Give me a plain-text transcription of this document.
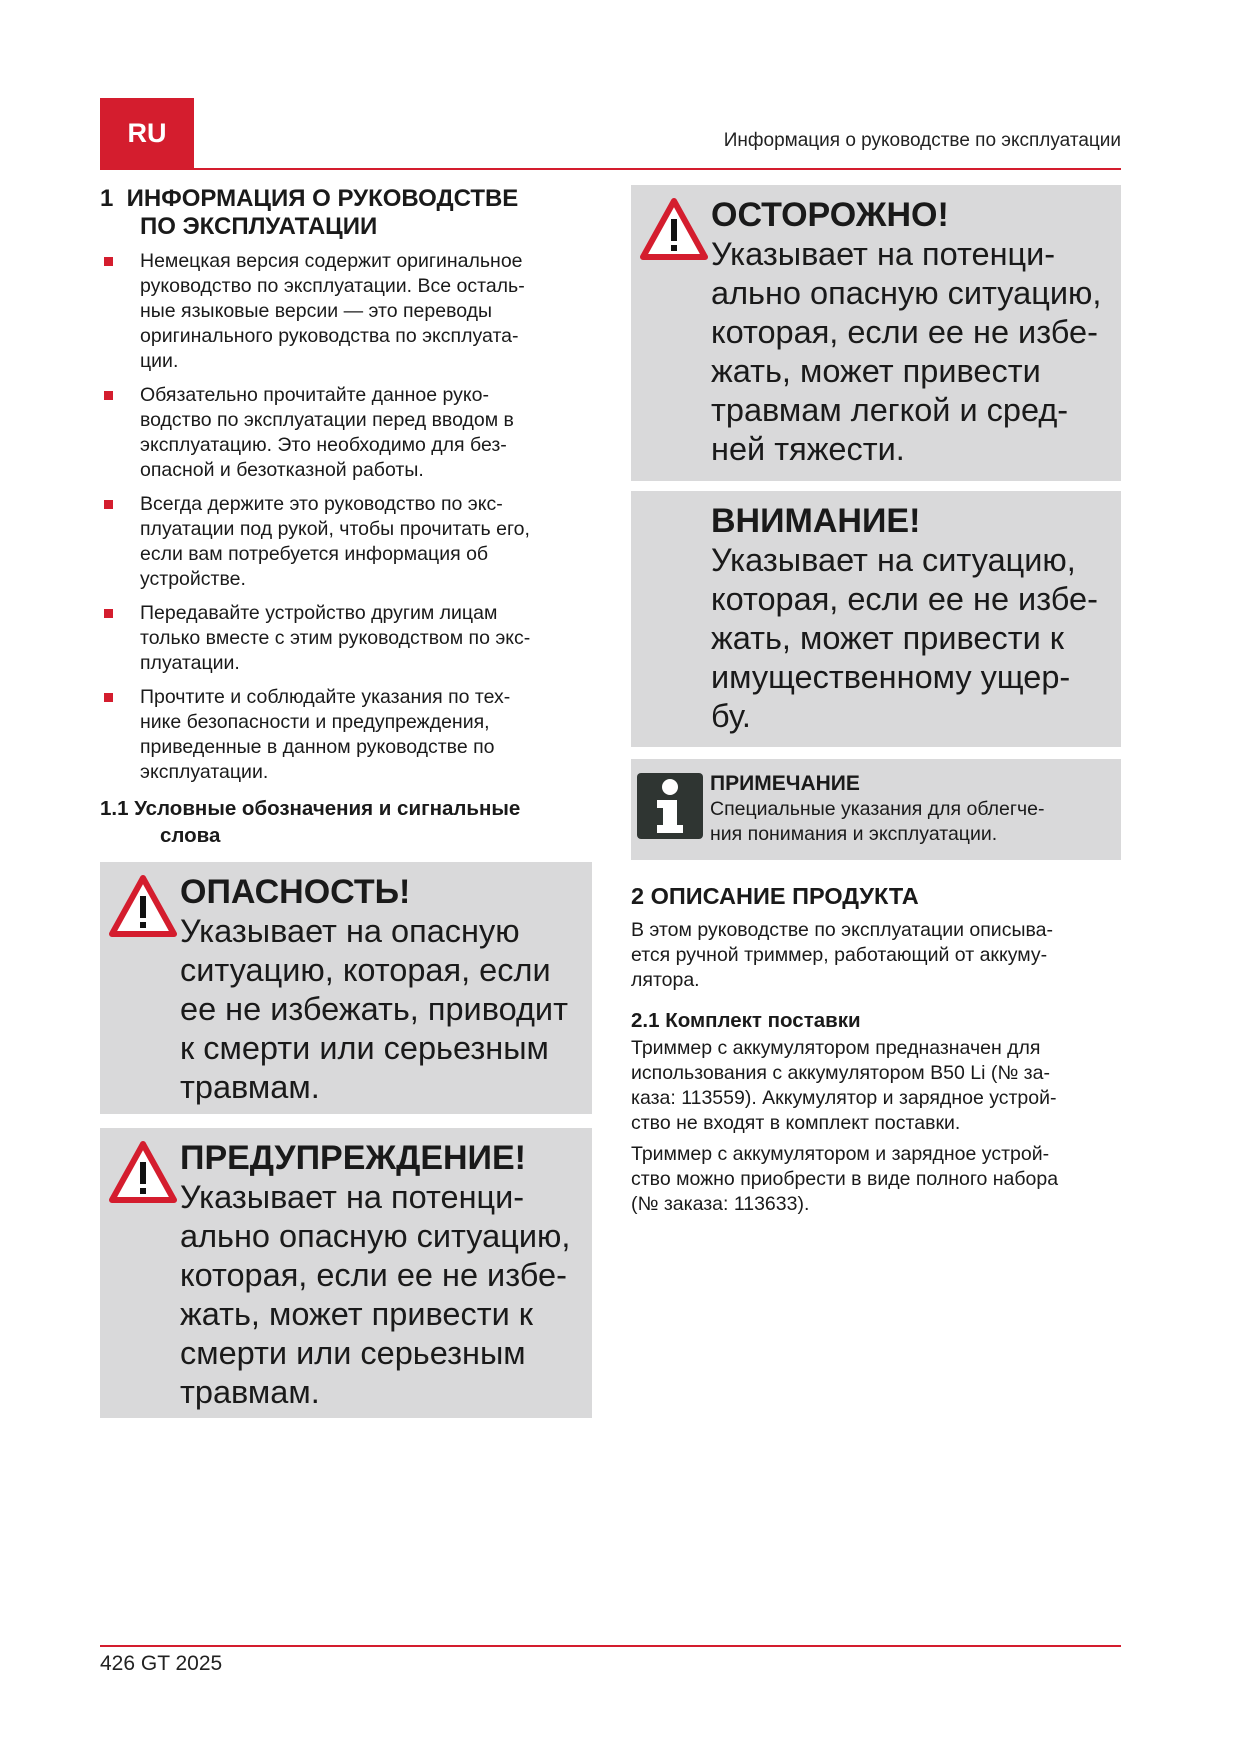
RU	Информация о руководстве по эксплуатации
1 ИНФОРМАЦИЯ О РУКОВОДСТВЕ
ПО ЭКСПЛУАТАЦИИ
Немецкая версия содержит оригинальное
руководство по эксплуатации. Все осталь-
ные языковые версии — это переводы
оригинального руководства по эксплуата-
ции.
Обязательно прочитайте данное руко-
водство по эксплуатации перед вводом в
эксплуатацию. Это необходимо для без-
опасной и безотказной работы.
Всегда держите это руководство по экс-
плуатации под рукой, чтобы прочитать его,
если вам потребуется информация об
устройстве.
Передавайте устройство другим лицам
только вместе с этим руководством по экс-
плуатации.
Прочтите и соблюдайте указания по тех-
нике безопасности и предупреждения,
приведенные в данном руководстве по
эксплуатации.
1.1 Условные обозначения и сигнальные
слова
ОПАСНОСТЬ!
Указывает на опасную
ситуацию, которая, если
ее не избежать, приводит
к смерти или серьезным
травмам.
ПРЕДУПРЕЖДЕНИЕ!
Указывает на потенци-
ально опасную ситуацию,
которая, если ее не избе-
жать, может привести к
смерти или серьезным
травмам.
ОСТОРОЖНО!
Указывает на потенци-
ально опасную ситуацию,
которая, если ее не избе-
жать, может привести
травмам легкой и сред-
ней тяжести.
ВНИМАНИЕ!
Указывает на ситуацию,
которая, если ее не избе-
жать, может привести к
имущественному ущер-
бу.
ПРИМЕЧАНИЕ
Специальные указания для облегче-
ния понимания и эксплуатации.
2 ОПИСАНИЕ ПРОДУКТА

В этом руководстве по эксплуатации описыва-
ется ручной триммер, работающий от аккуму-
лятора.

2.1 Комплект поставки

Триммер с аккумулятором предназначен для
использования с аккумулятором B50 Li (№ за-
каза: 113559). Аккумулятор и зарядное устрой-
ство не входят в комплект поставки.

Триммер с аккумулятором и зарядное устрой-
ство можно приобрести в виде полного набора
(№ заказа: 113633).

426 GT 2025
